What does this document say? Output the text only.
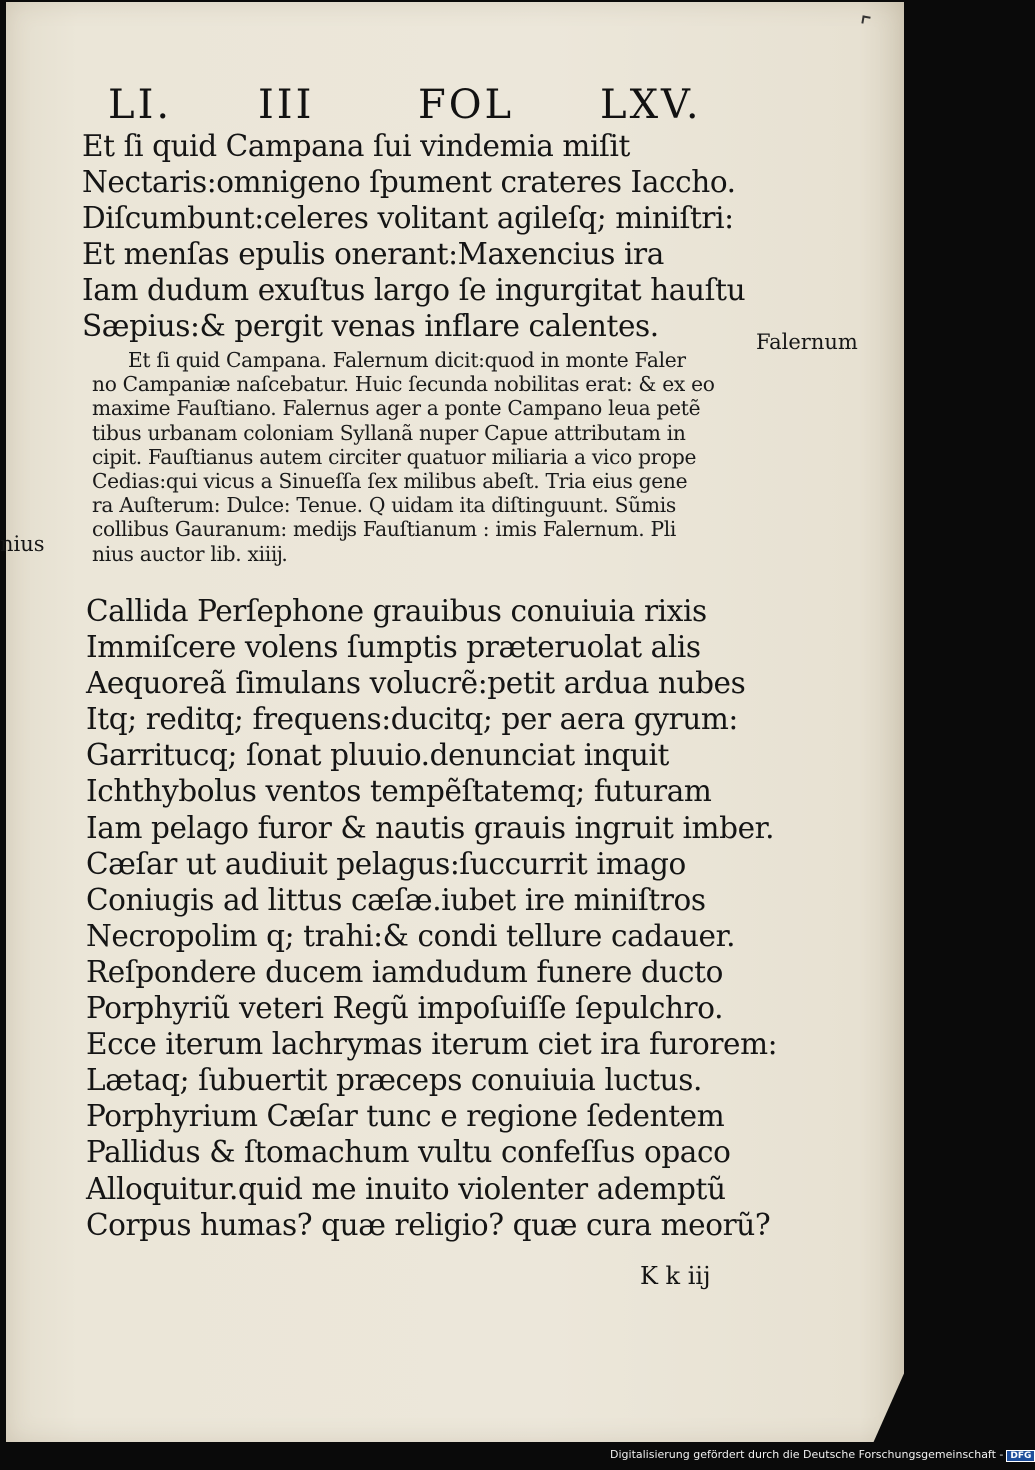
LI. III	FOL LXV.
Et ſi quid Campana ſui vindemia miſit
Nectaris:omnigeno ſpument crateres Iaccho.
Diſcumbunt:celeres volitant agileſq; miniſtri:
Et menſas epulis onerant:Maxencius ira
Iam dudum exuſtus largo ſe ingurgitat hauſtu
Sæpius:& pergit venas inflare calentes.
Et ſi quid Campana. Falernum dicit:quod in monte Faler
no Campaniæ naſcebatur. Huic ſecunda nobilitas erat: & ex eo
maxime Fauſtiano. Falernus ager a ponte Campano leua petẽ
tibus urbanam coloniam Syllanã nuper Capue attributam in
cipit. Fauſtianus autem circiter quatuor miliaria a vico prope
Cedias:qui vicus a Sinueſſa ſex milibus abeſt. Tria eius gene
ra Auſterum: Dulce: Tenue. Q uidam ita diſtinguunt. Sũmis
collibus Gauranum: medĳs Fauſtianum : imis Falernum. Pli
nius auctor lib. xiiĳ.
Callida Perſephone grauibus conuiuia rixis
Immiſcere volens ſumptis præteruolat alis
Aequoreã ſimulans volucrẽ:petit ardua nubes
Itq; reditq; frequens:ducitq; per aera gyrum:
Garritucq; ſonat pluuio.denunciat inquit
Ichthybolus ventos tempẽſtatemq; futuram
Iam pelago furor & nautis grauis ingruit imber.
Cæſar ut audiuit pelagus:ſuccurrit imago
Coniugis ad littus cæſæ.iubet ire miniſtros
Necropolim q; trahi:& condi tellure cadauer.
Reſpondere ducem iamdudum funere ducto
Porphyriũ veteri Regũ impoſuiſſe ſepulchro.
Ecce iterum lachrymas iterum ciet ira furorem:
Lætaq; ſubuertit præceps conuiuia luctus.
Porphyrium Cæſar tunc e regione ſedentem
Pallidus & ſtomachum vultu confeſſus opaco
Alloquitur.quid me inuito violenter ademptũ
Corpus humas? quæ religio? quæ cura meorũ?
Falernum
nius
K k iij
Digitalisierung gefördert durch die Deutsche Forschungsgemeinschaft - DFG
